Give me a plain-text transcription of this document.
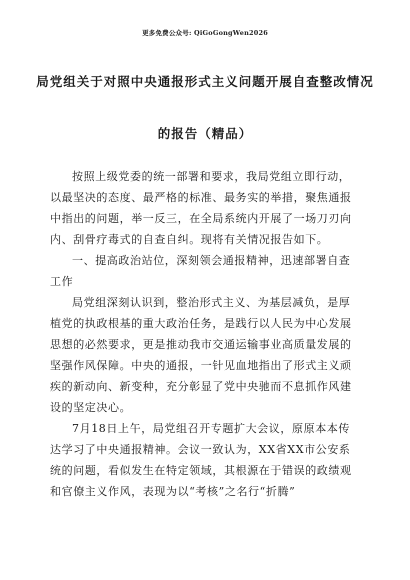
更多免费公众号: QiGoGongWen2026
局党组关于对照中央通报形式主义问题开展自查整改情况
的报告（精品）

按照上级党委的统一部署和要求，我局党组立即行动，以最坚决的态度、最严格的标准、最务实的举措，聚焦通报中指出的问题，举一反三，在全局系统内开展了一场刀刃向内、刮骨疗毒式的自查自纠。现将有关情况报告如下。

一、提高政治站位，深刻领会通报精神，迅速部署自查工作

局党组深刻认识到，整治形式主义、为基层减负，是厚植党的执政根基的重大政治任务，是践行以人民为中心发展思想的必然要求，更是推动我市交通运输事业高质量发展的坚强作风保障。中央的通报，一针见血地指出了形式主义顽疾的新动向、新变种，充分彰显了党中央驰而不息抓作风建设的坚定决心。

7月18日上午，局党组召开专题扩大会议，原原本本传达学习了中央通报精神。会议一致认为，XX省XX市公安系统的问题，看似发生在特定领域，其根源在于错误的政绩观和官僚主义作风，表现为以“考核”之名行“折腾”
